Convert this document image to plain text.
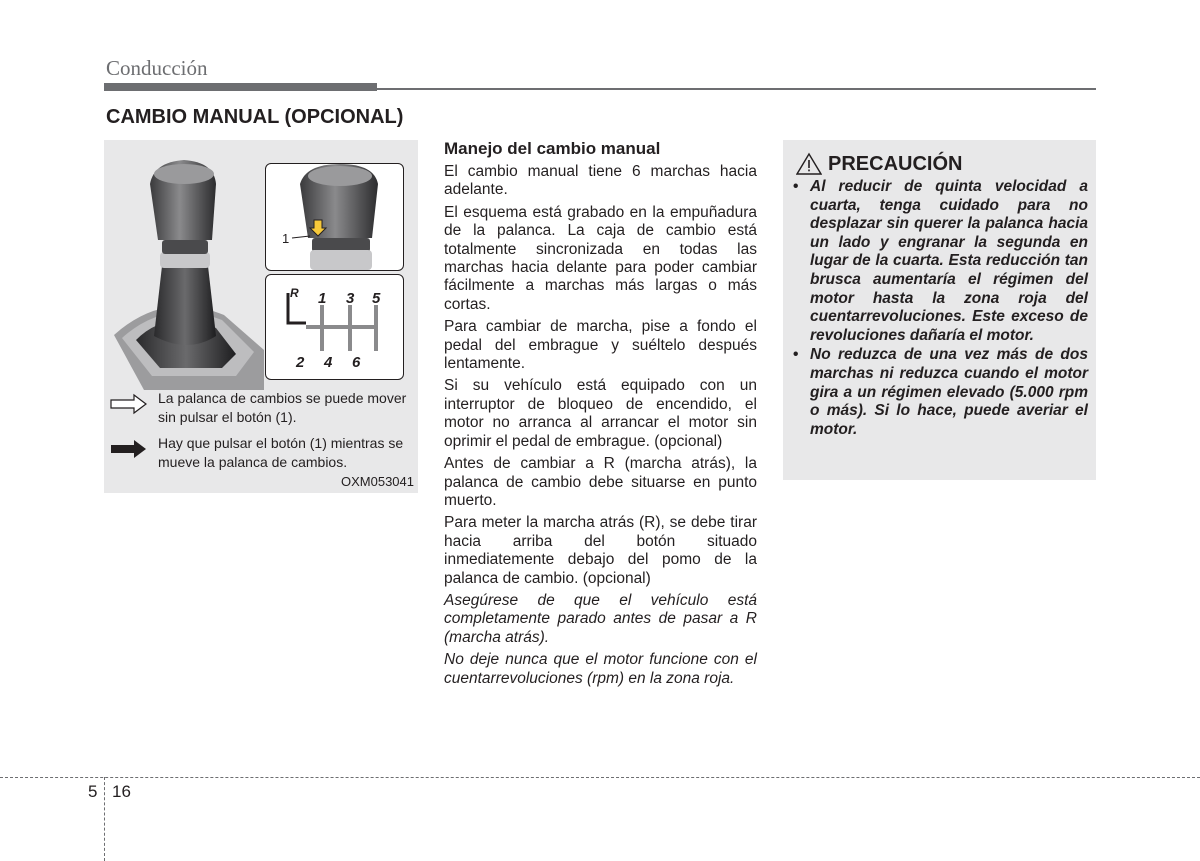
Conducción
CAMBIO MANUAL (OPCIONAL)
1
R 1 3 5
2 4 6
La palanca de cambios se puede mover sin pulsar el botón (1).
Hay que pulsar el botón (1) mientras se mueve la palanca de cambios.
OXM053041
Manejo del cambio manual

El cambio manual tiene 6 marchas hacia adelante.

El esquema está grabado en la empuñadura de la palanca. La caja de cambio está totalmente sincronizada en todas las marchas hacia delante para poder cambiar fácilmente a marchas más largas o más cortas.

Para cambiar de marcha, pise a fondo el pedal del embrague y suéltelo después lentamente.

Si su vehículo está equipado con un interruptor de bloqueo de encendido, el motor no arranca al arrancar el motor sin oprimir el pedal de embrague. (opcional)

Antes de cambiar a R (marcha atrás), la palanca de cambio debe situarse en punto muerto.

Para meter la marcha atrás (R), se debe tirar hacia arriba del botón situado inmediatemente debajo del pomo de la palanca de cambio. (opcional)

Asegúrese de que el vehículo está completamente parado antes de pasar a R (marcha atrás).

No deje nunca que el motor funcione con el cuentarrevoluciones (rpm) en la zona roja.

PRECAUCIÓN
• Al reducir de quinta velocidad a cuarta, tenga cuidado para no desplazar sin querer la palanca hacia un lado y engranar la segunda en lugar de la cuarta. Esta reducción tan brusca aumentaría el régimen del motor hasta la zona roja del cuentarrevoluciones. Este exceso de revoluciones dañaría el motor.
• No reduzca de una vez más de dos marchas ni reduzca cuando el motor gira a un régimen elevado (5.000 rpm o más). Si lo hace, puede averiar el motor.
5 16
